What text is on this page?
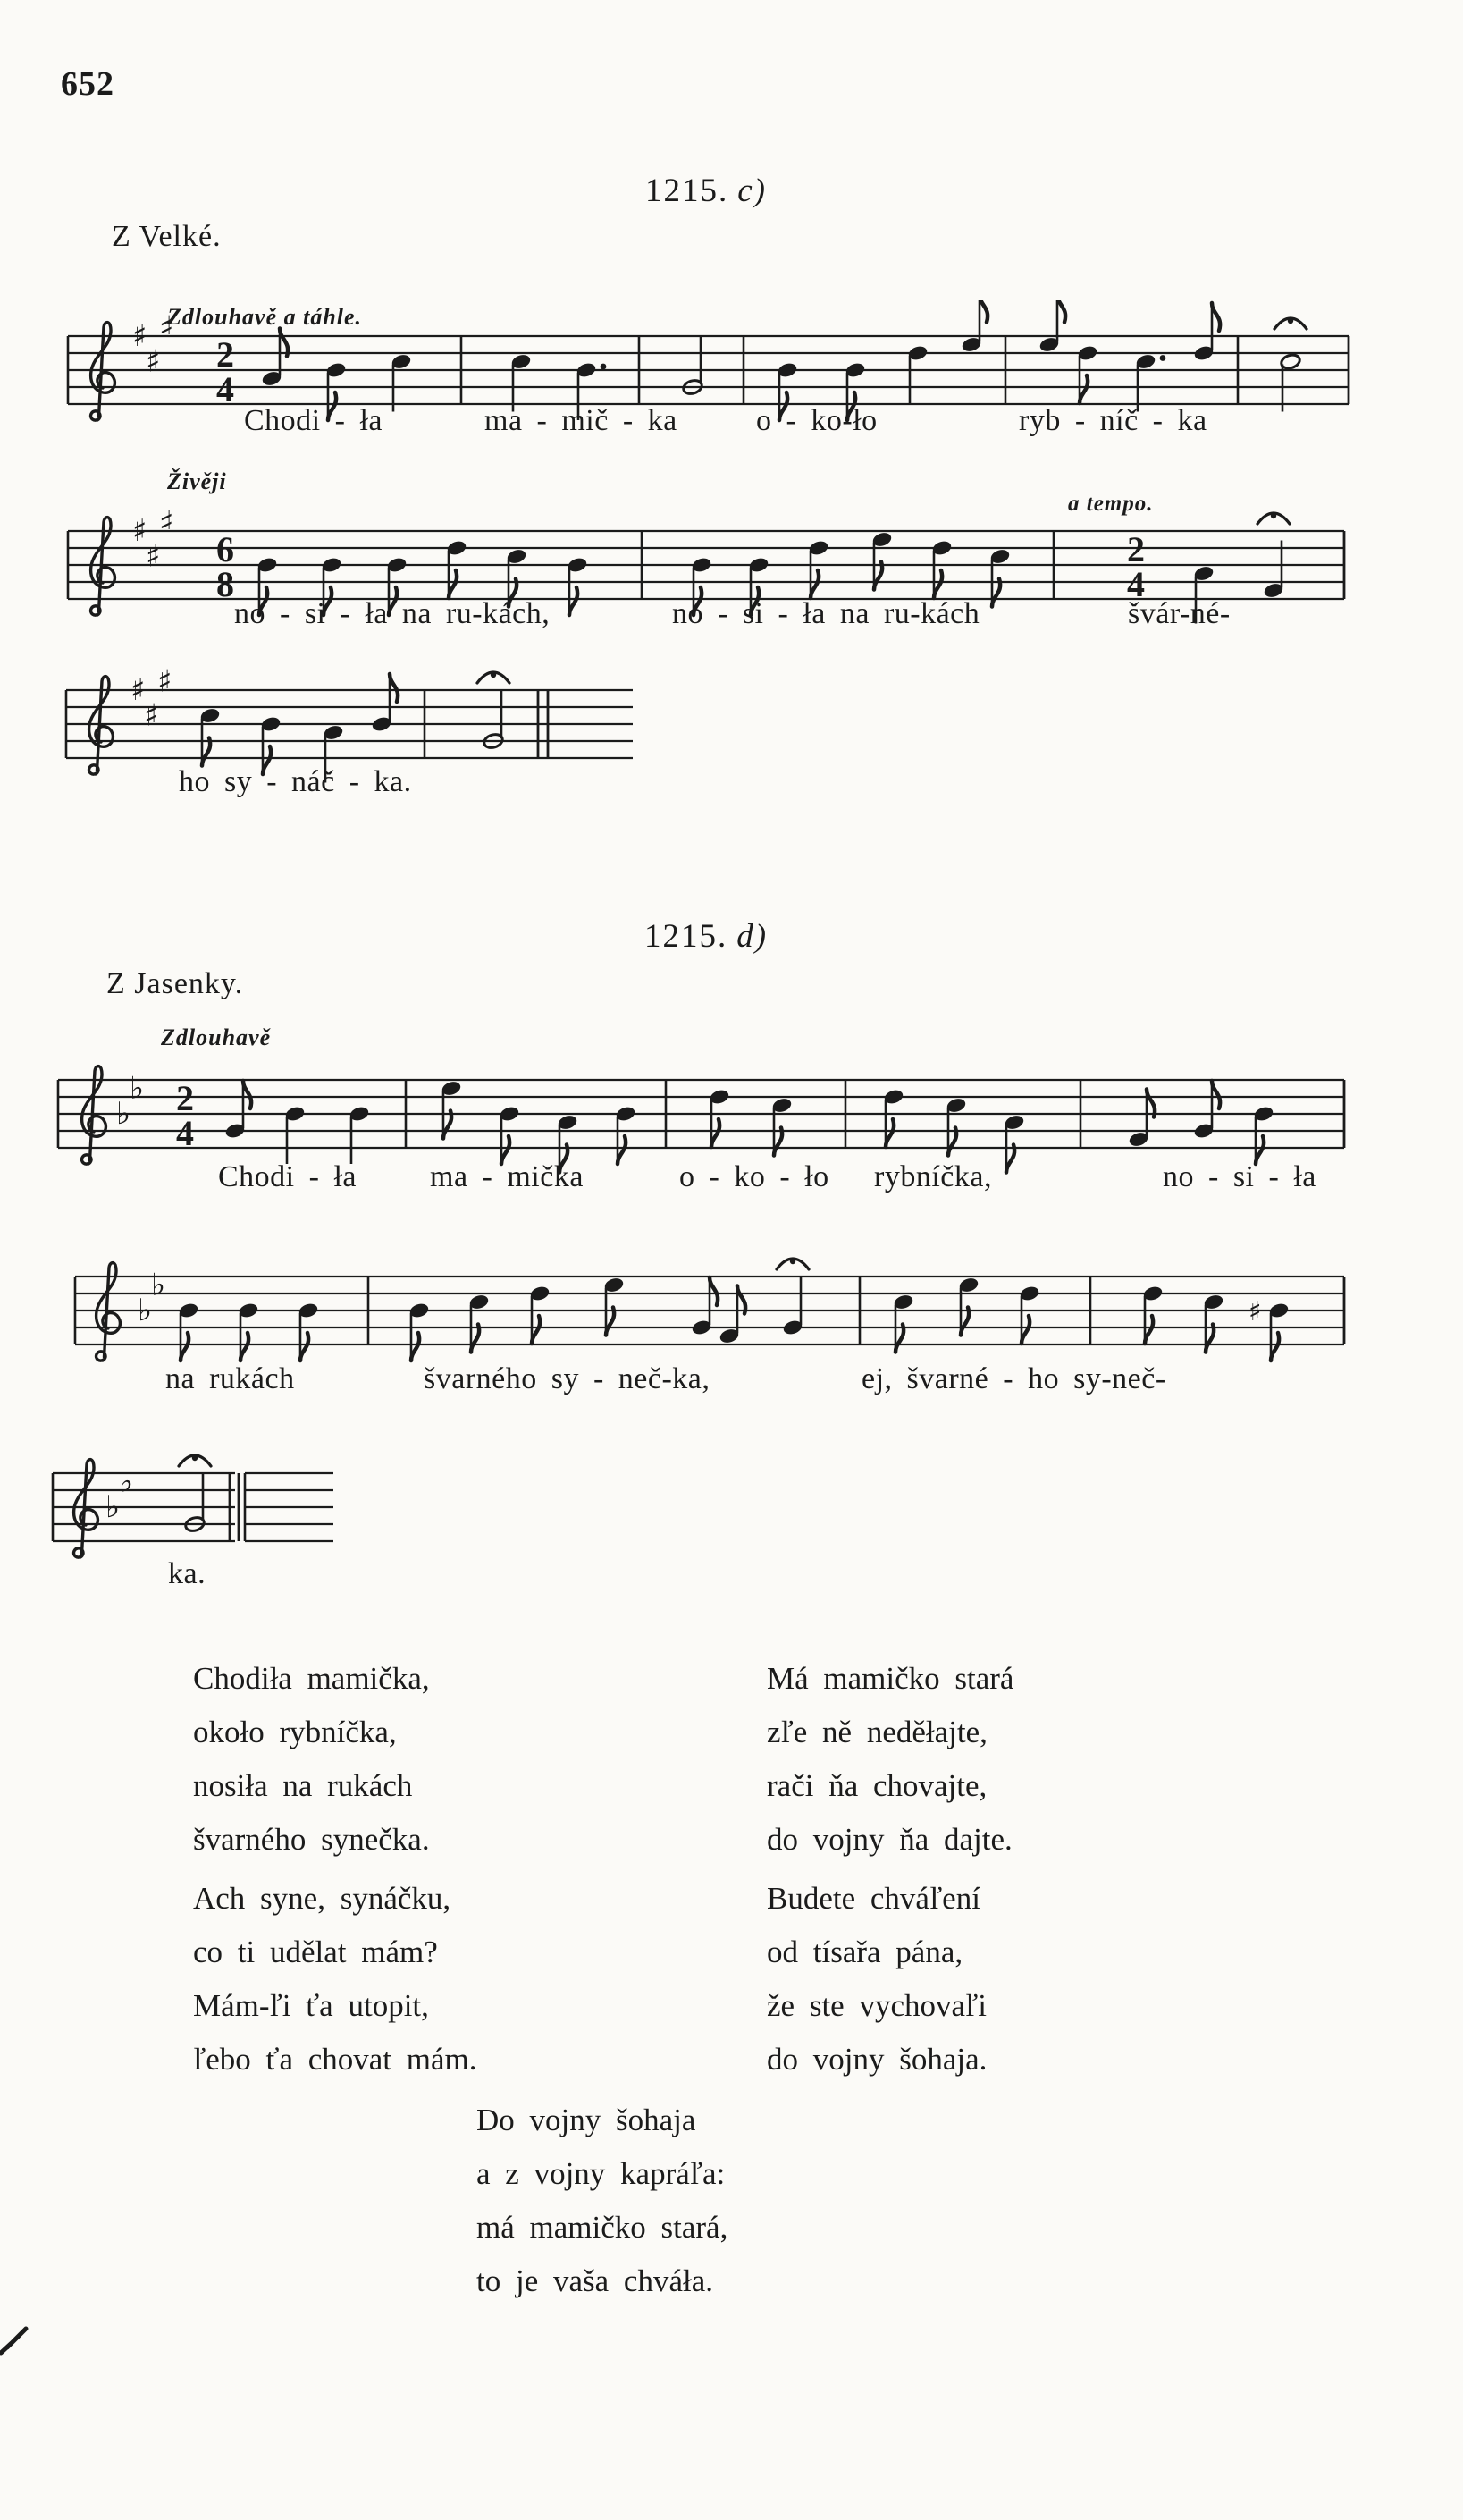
652
1215. c)
Z Velké.
Zdlouhavě a táhle.
Živěji
a tempo.
♯
♯
♯
2
4
♯
♯
♯
6
8
2
4
♯
♯
♯
♭
♭ 2
4
♭
♭
♯
♭
♭
Chodi - ła	ma - mič - ka	o - ko-ło	ryb - níč - ka
no - si - ła na ru-kách,	no - si - ła na ru-kách	švár-né-
ho sy - náč - ka.
1215. d)
Z Jasenky.
Zdlouhavě
Chodi - ła ma - mička	o - ko - ło rybníčka,	no - si - ła
na rukách	švarného sy - neč-ka,	ej, švarné - ho sy-neč-
ka.
Chodiła mamička,
około rybníčka,
nosiła na rukách
švarného synečka.
Ach syne, synáčku,
co ti udělat mám?
Mám-ľi ťa utopit,
ľebo ťa chovat mám.
Má mamičko stará
zľe ně neděłajte,
rači ňa chovajte,
do vojny ňa dajte.
Budete chváľení
od tísařa pána,
že ste vychovaľi
do vojny šohaja.
Do vojny šohaja
a z vojny kapráľa:
má mamičko stará,
to je vaša chváła.
